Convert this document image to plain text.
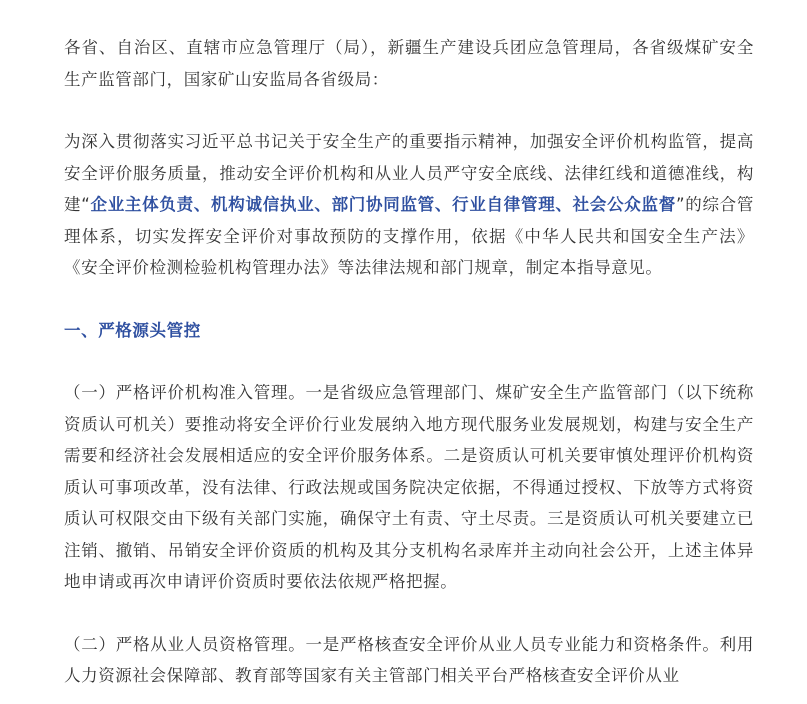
各省、自治区、直辖市应急管理厅（局），新疆生产建设兵团应急管理局，各省级煤矿安全生产监管部门，国家矿山安监局各省级局：

为深入贯彻落实习近平总书记关于安全生产的重要指示精神，加强安全评价机构监管，提高安全评价服务质量，推动安全评价机构和从业人员严守安全底线、法律红线和道德准线，构建“企业主体负责、机构诚信执业、部门协同监管、行业自律管理、社会公众监督”的综合管理体系，切实发挥安全评价对事故预防的支撑作用，依据《中华人民共和国安全生产法》《安全评价检测检验机构管理办法》等法律法规和部门规章，制定本指导意见。

一、严格源头管控

（一）严格评价机构准入管理。一是省级应急管理部门、煤矿安全生产监管部门（以下统称资质认可机关）要推动将安全评价行业发展纳入地方现代服务业发展规划，构建与安全生产需要和经济社会发展相适应的安全评价服务体系。二是资质认可机关要审慎处理评价机构资质认可事项改革，没有法律、行政法规或国务院决定依据，不得通过授权、下放等方式将资质认可权限交由下级有关部门实施，确保守土有责、守土尽责。三是资质认可机关要建立已注销、撤销、吊销安全评价资质的机构及其分支机构名录库并主动向社会公开，上述主体异地申请或再次申请评价资质时要依法依规严格把握。

（二）严格从业人员资格管理。一是严格核查安全评价从业人员专业能力和资格条件。利用人力资源社会保障部、教育部等国家有关主管部门相关平台严格核查安全评价从业
